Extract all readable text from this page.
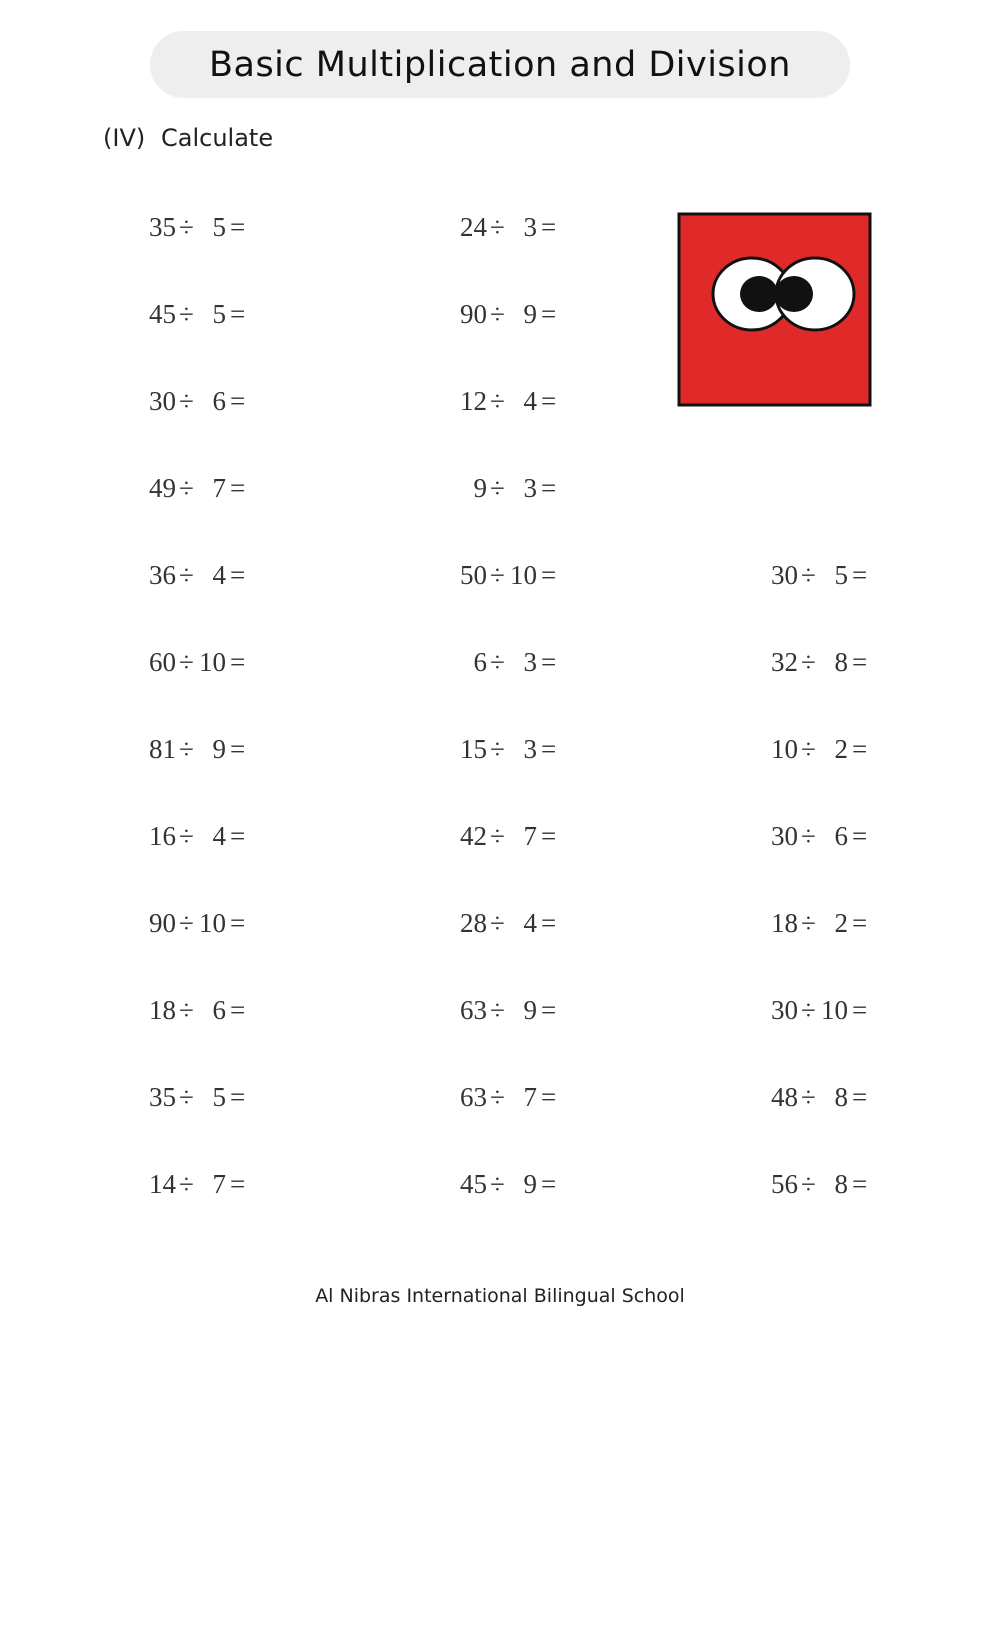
Basic Multiplication and Division
(IV) Calculate
35 ÷ 5 =
45 ÷ 5 =
30 ÷ 6 =
49 ÷ 7 =
36 ÷ 4 =
60 ÷ 10 =
81 ÷ 9 =
16 ÷ 4 =
90 ÷ 10 =
18 ÷ 6 =
35 ÷ 5 =
14 ÷ 7 =
24 ÷ 3 =
90 ÷ 9 =
12 ÷ 4 =
9 ÷ 3 =
50 ÷ 10 =
6 ÷ 3 =
15 ÷ 3 =
42 ÷ 7 =
28 ÷ 4 =
63 ÷ 9 =
63 ÷ 7 =
45 ÷ 9 =
30 ÷ 5 =
32 ÷ 8 =
10 ÷ 2 =
30 ÷ 6 =
18 ÷ 2 =
30 ÷ 10 =
48 ÷ 8 =
56 ÷ 8 =
Al Nibras International Bilingual School
